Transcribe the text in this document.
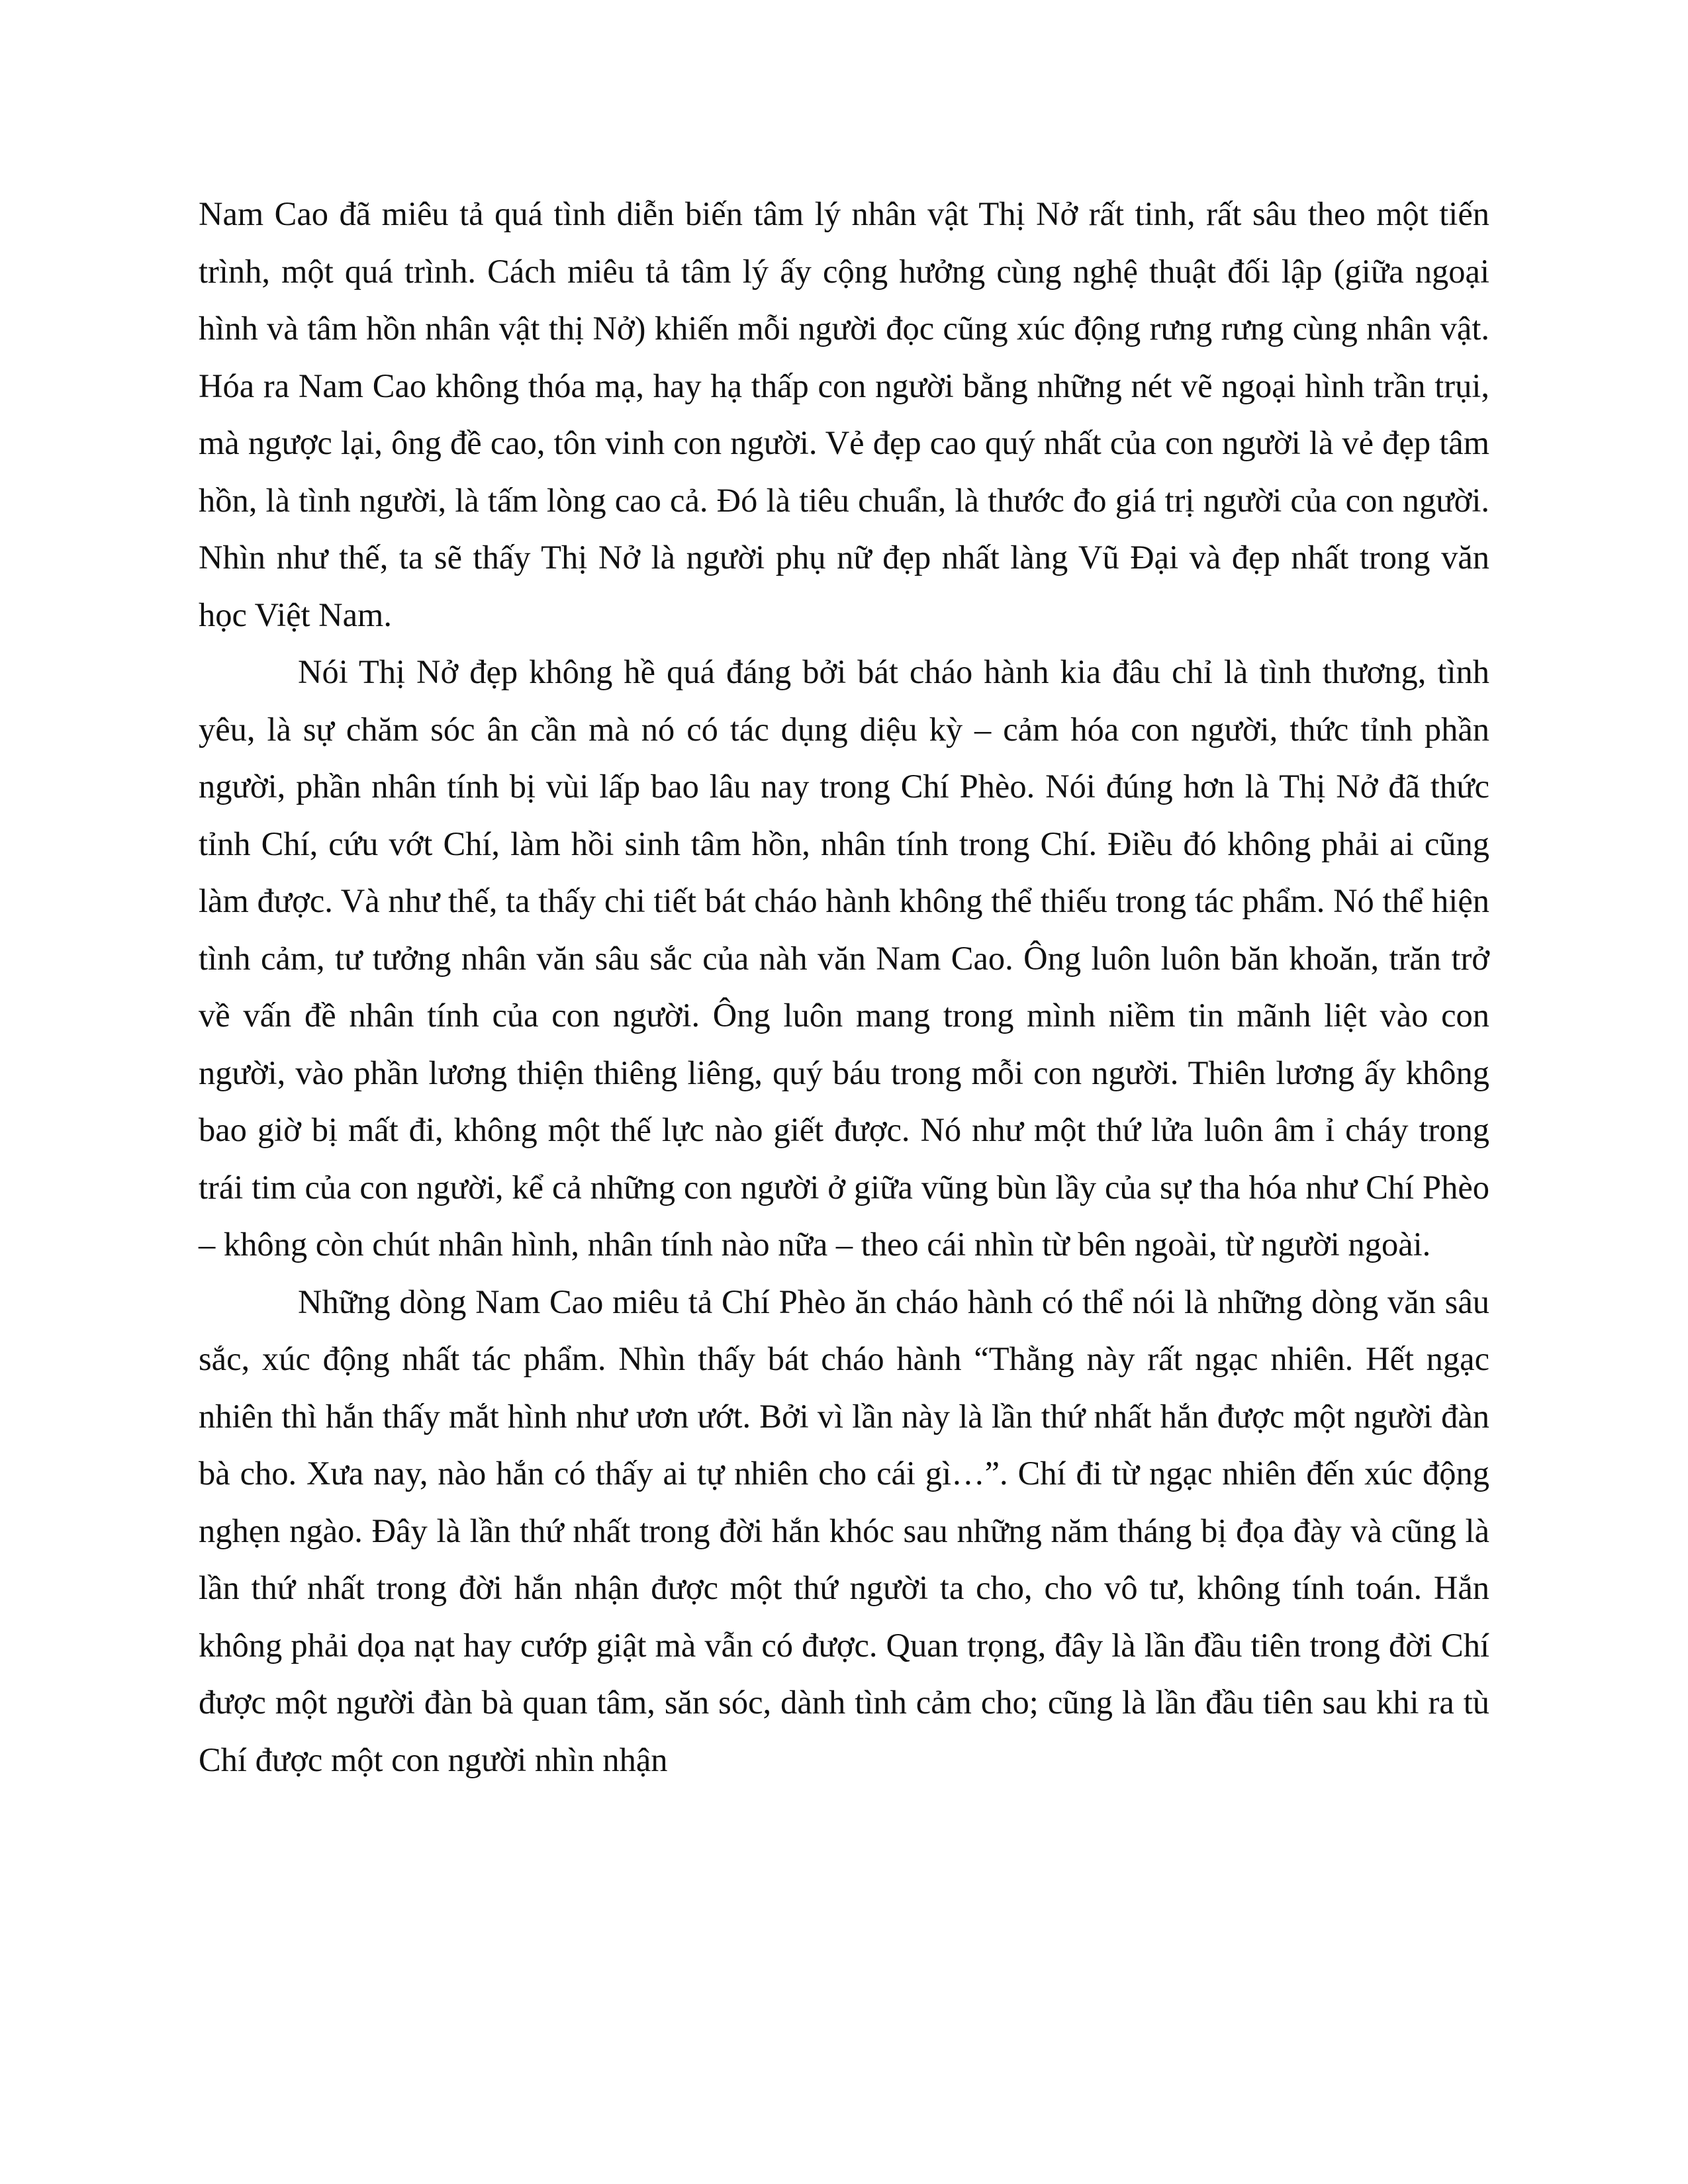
Nam Cao đã miêu tả quá tình diễn biến tâm lý nhân vật Thị Nở rất tinh, rất sâu theo một tiến trình, một quá trình. Cách miêu tả tâm lý ấy cộng hưởng cùng nghệ thuật đối lập (giữa ngoại hình và tâm hồn nhân vật thị Nở) khiến mỗi người đọc cũng xúc động rưng rưng cùng nhân vật. Hóa ra Nam Cao không thóa mạ, hay hạ thấp con người bằng những nét vẽ ngoại hình trần trụi, mà ngược lại, ông đề cao, tôn vinh con người. Vẻ đẹp cao quý nhất của con người là vẻ đẹp tâm hồn, là tình người, là tấm lòng cao cả. Đó là tiêu chuẩn, là thước đo giá trị người của con người. Nhìn như thế, ta sẽ thấy Thị Nở là người phụ nữ đẹp nhất làng Vũ Đại và đẹp nhất trong văn học Việt Nam.

Nói Thị Nở đẹp không hề quá đáng bởi bát cháo hành kia đâu chỉ là tình thương, tình yêu, là sự chăm sóc ân cần mà nó có tác dụng diệu kỳ – cảm hóa con người, thức tỉnh phần người, phần nhân tính bị vùi lấp bao lâu nay trong Chí Phèo. Nói đúng hơn là Thị Nở đã thức tỉnh Chí, cứu vớt Chí, làm hồi sinh tâm hồn, nhân tính trong Chí. Điều đó không phải ai cũng làm được. Và như thế, ta thấy chi tiết bát cháo hành không thể thiếu trong tác phẩm. Nó thể hiện tình cảm, tư tưởng nhân văn sâu sắc của nàh văn Nam Cao. Ông luôn luôn băn khoăn, trăn trở về vấn đề nhân tính của con người. Ông luôn mang trong mình niềm tin mãnh liệt vào con người, vào phần lương thiện thiêng liêng, quý báu trong mỗi con người. Thiên lương ấy không bao giờ bị mất đi, không một thế lực nào giết được. Nó như một thứ lửa luôn âm ỉ cháy trong trái tim của con người, kể cả những con người ở giữa vũng bùn lầy của sự tha hóa như Chí Phèo – không còn chút nhân hình, nhân tính nào nữa – theo cái nhìn từ bên ngoài, từ người ngoài.

Những dòng Nam Cao miêu tả Chí Phèo ăn cháo hành có thể nói là những dòng văn sâu sắc, xúc động nhất tác phẩm. Nhìn thấy bát cháo hành “Thằng này rất ngạc nhiên. Hết ngạc nhiên thì hắn thấy mắt hình như ươn ướt. Bởi vì lần này là lần thứ nhất hắn được một người đàn bà cho. Xưa nay, nào hắn có thấy ai tự nhiên cho cái gì…”. Chí đi từ ngạc nhiên đến xúc động nghẹn ngào. Đây là lần thứ nhất trong đời hắn khóc sau những năm tháng bị đọa đày và cũng là lần thứ nhất trong đời hắn nhận được một thứ người ta cho, cho vô tư, không tính toán. Hắn không phải dọa nạt hay cướp giật mà vẫn có được. Quan trọng, đây là lần đầu tiên trong đời Chí được một người đàn bà quan tâm, săn sóc, dành tình cảm cho; cũng là lần đầu tiên sau khi ra tù Chí được một con người nhìn nhận
